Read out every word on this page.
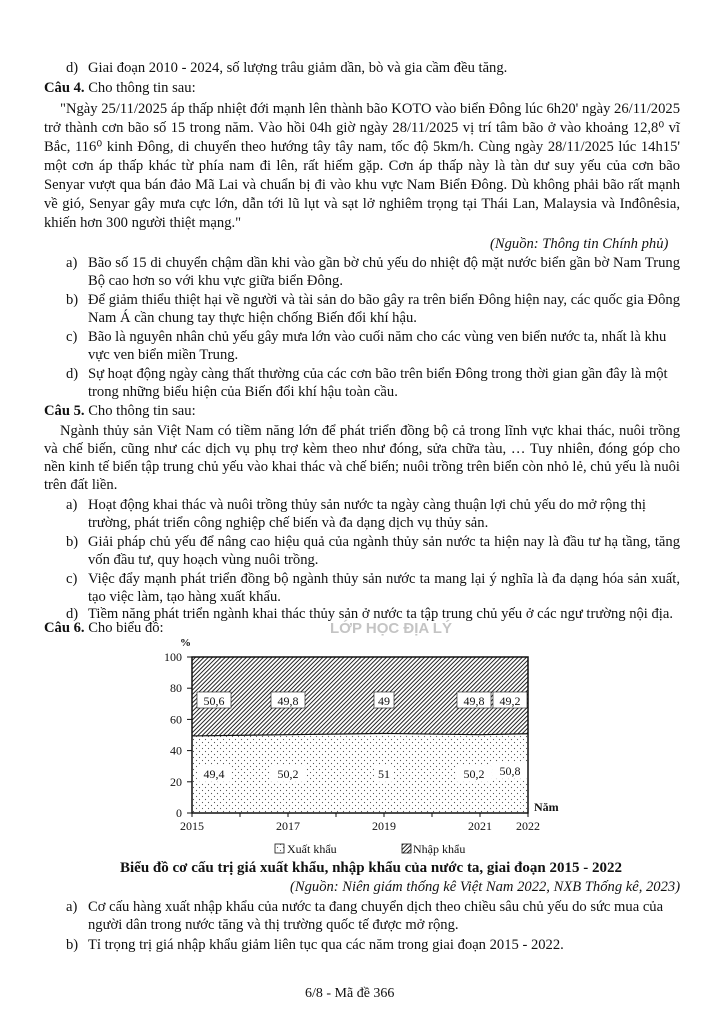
LỚP HỌC ĐỊA LÝ
d) Giai đoạn 2010 - 2024, số lượng trâu giảm dần, bò và gia cầm đều tăng.
Câu 4. Cho thông tin sau:
"Ngày 25/11/2025 áp thấp nhiệt đới mạnh lên thành bão KOTO vào biển Đông lúc 6h20' ngày 26/11/2025
trở thành cơn bão số 15 trong năm. Vào hồi 04h giờ ngày 28/11/2025 vị trí tâm bão ở vào khoảng 12,8⁰ vĩ
Bắc, 116⁰ kinh Đông, di chuyển theo hướng tây tây nam, tốc độ 5km/h. Cùng ngày 28/11/2025 lúc 14h15'
một cơn áp thấp khác từ phía nam đi lên, rất hiếm gặp. Cơn áp thấp này là tàn dư suy yếu của cơn bão
Senyar vượt qua bán đảo Mã Lai và chuẩn bị đi vào khu vực Nam Biển Đông. Dù không phải bão rất mạnh
về gió, Senyar gây mưa cực lớn, dẫn tới lũ lụt và sạt lở nghiêm trọng tại Thái Lan, Malaysia và Inđônêsia,
khiến hơn 300 người thiệt mạng."
(Nguồn: Thông tin Chính phủ)
a) Bão số 15 di chuyển chậm dần khi vào gần bờ chủ yếu do nhiệt độ mặt nước biển gần bờ Nam Trung
Bộ cao hơn so với khu vực giữa biển Đông.
b) Để giảm thiểu thiệt hại về người và tài sản do bão gây ra trên biển Đông hiện nay, các quốc gia Đông
Nam Á cần chung tay thực hiện chống Biến đổi khí hậu.
c) Bão là nguyên nhân chủ yếu gây mưa lớn vào cuối năm cho các vùng ven biển nước ta, nhất là khu
vực ven biển miền Trung.
d) Sự hoạt động ngày càng thất thường của các cơn bão trên biển Đông trong thời gian gần đây là một
trong những biểu hiện của Biến đổi khí hậu toàn cầu.
Câu 5. Cho thông tin sau:
Ngành thủy sản Việt Nam có tiềm năng lớn để phát triển đồng bộ cả trong lĩnh vực khai thác, nuôi trồng
và chế biến, cũng như các dịch vụ phụ trợ kèm theo như đóng, sửa chữa tàu, … Tuy nhiên, đóng góp cho
nền kinh tế biển tập trung chủ yếu vào khai thác và chế biến; nuôi trồng trên biển còn nhỏ lẻ, chủ yếu là nuôi
trên đất liền.
a) Hoạt động khai thác và nuôi trồng thủy sản nước ta ngày càng thuận lợi chủ yếu do mở rộng thị
trường, phát triển công nghiệp chế biến và đa dạng dịch vụ thủy sản.
b) Giải pháp chủ yếu để nâng cao hiệu quả của ngành thủy sản nước ta hiện nay là đầu tư hạ tầng, tăng
vốn đầu tư, quy hoạch vùng nuôi trồng.
c) Việc đẩy mạnh phát triển đồng bộ ngành thủy sản nước ta mang lại ý nghĩa là đa dạng hóa sản xuất,
tạo việc làm, tạo hàng xuất khẩu.
d) Tiềm năng phát triển ngành khai thác thủy sản ở nước ta tập trung chủ yếu ở các ngư trường nội địa.
Câu 6. Cho biểu đồ:
0
20
40
60
80
100
%
2015	2017	2019	2021 2022
Năm
50,6
49,4
49,8
50,2
49
51
49,8
50,2
49,2
50,8
Xuất khẩu	Nhập khẩu
Biểu đồ cơ cấu trị giá xuất khẩu, nhập khẩu của nước ta, giai đoạn 2015 - 2022
(Nguồn: Niên giám thống kê Việt Nam 2022, NXB Thống kê, 2023)
a) Cơ cấu hàng xuất nhập khẩu của nước ta đang chuyển dịch theo chiều sâu chủ yếu do sức mua của
người dân trong nước tăng và thị trường quốc tế được mở rộng.
b) Tỉ trọng trị giá nhập khẩu giảm liên tục qua các năm trong giai đoạn 2015 - 2022.
6/8 - Mã đề 366
